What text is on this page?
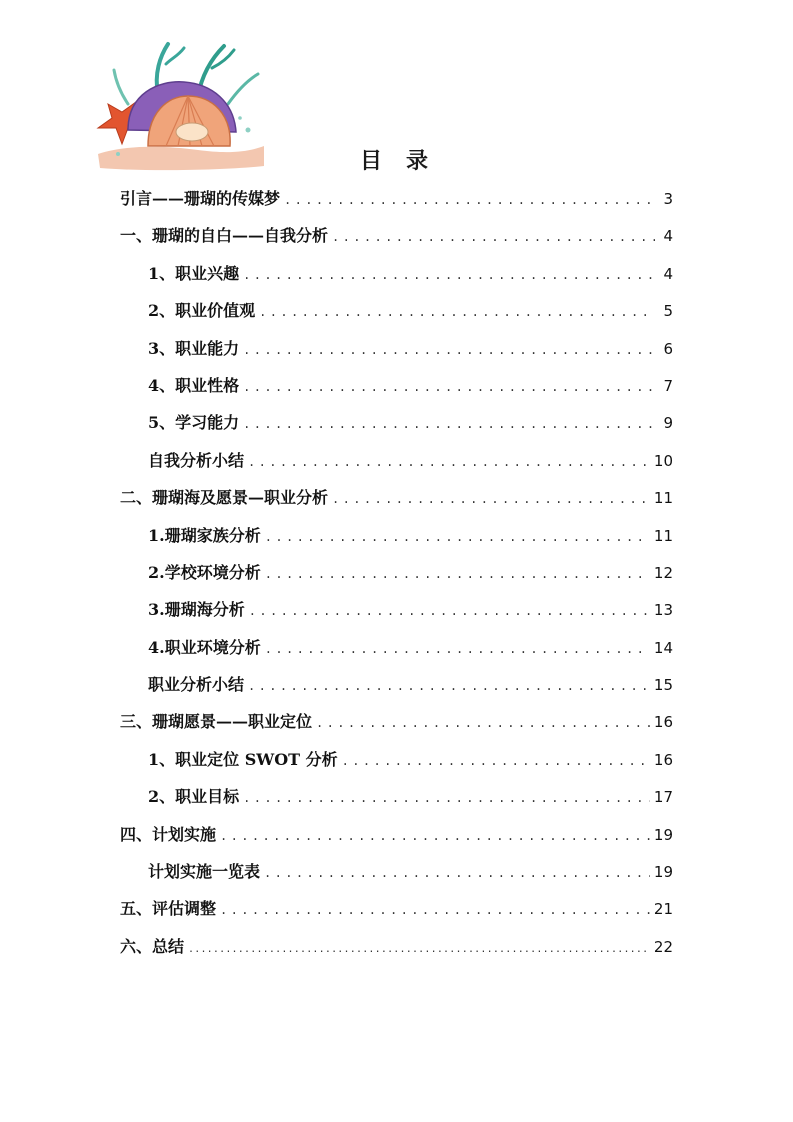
目 录
引言——珊瑚的传媒梦 .....	3
一、珊瑚的自白——自我分析 .....	4
1、职业兴趣 .....	4
2、职业价值观 .....	5
3、职业能力 .....	6
4、职业性格 .....	7
5、学习能力 .....	9
自我分析小结 .....	10
二、珊瑚海及愿景—职业分析 .....	11
1.珊瑚家族分析 .....	11
2.学校环境分析 .....	12
3.珊瑚海分析 .....	13
4.职业环境分析 .....	14
职业分析小结 .....	15
三、珊瑚愿景——职业定位 .....	16
1、职业定位 SWOT 分析 .....	16
2、职业目标 .....	17
四、计划实施 .....	19
计划实施一览表 .....	19
五、评估调整 .....	21
六、总结 .....	22
